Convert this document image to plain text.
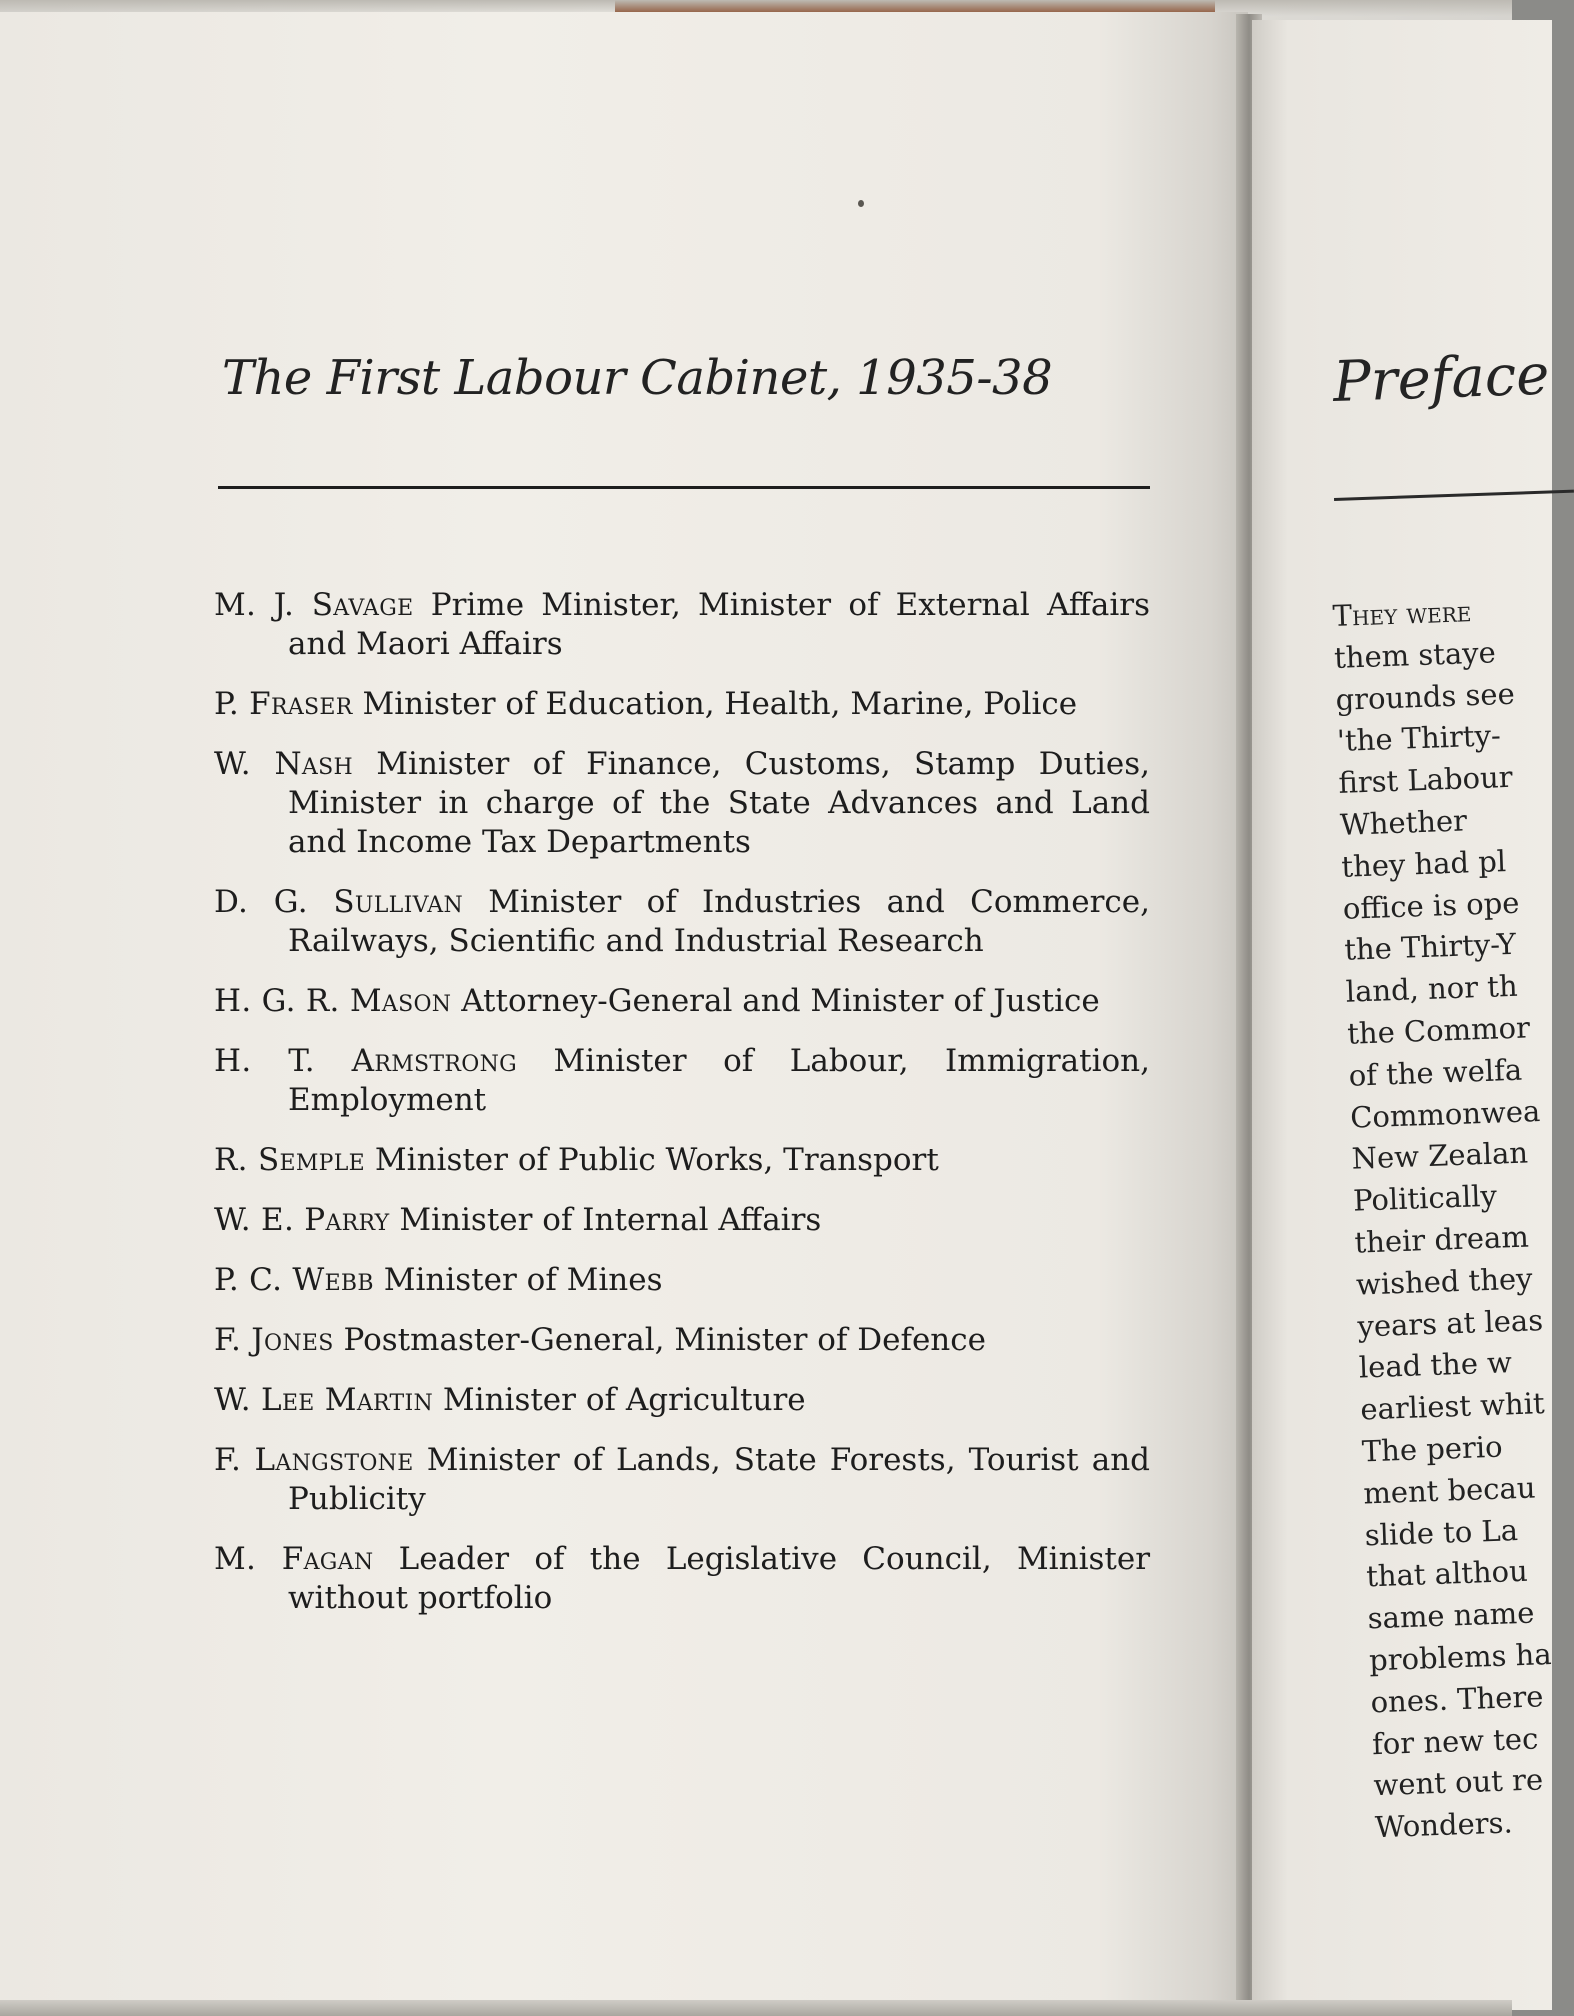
The First Labour Cabinet, 1935-38
M. J. Savage Prime Minister, Minister of External Affairs and Maori Affairs
P. Fraser Minister of Education, Health, Marine, Police
W. Nash Minister of Finance, Customs, Stamp Duties, Minister in charge of the State Advances and Land and Income Tax Departments
D. G. Sullivan Minister of Industries and Commerce, Railways, Scientific and Industrial Research
H. G. R. Mason Attorney-General and Minister of Justice
H. T. Armstrong Minister of Labour, Immigration, Employment
R. Semple Minister of Public Works, Transport
W. E. Parry Minister of Internal Affairs
P. C. Webb Minister of Mines
F. Jones Postmaster-General, Minister of Defence
W. Lee Martin Minister of Agriculture
F. Langstone Minister of Lands, State Forests, Tourist and Publicity
M. Fagan Leader of the Legislative Council, Minister without portfolio
Preface
They were
them staye
grounds see
'the Thirty-
first Labour
Whether
they had pl
office is ope
the Thirty-Y
land, nor th
the Commor
of the welfa
Commonwea
New Zealan
Politically
their dream
wished they
years at leas
lead the w
earliest whit
The perio
ment becau
slide to La
that althou
same name
problems ha
ones. There
for new tec
went out re
Wonders.
